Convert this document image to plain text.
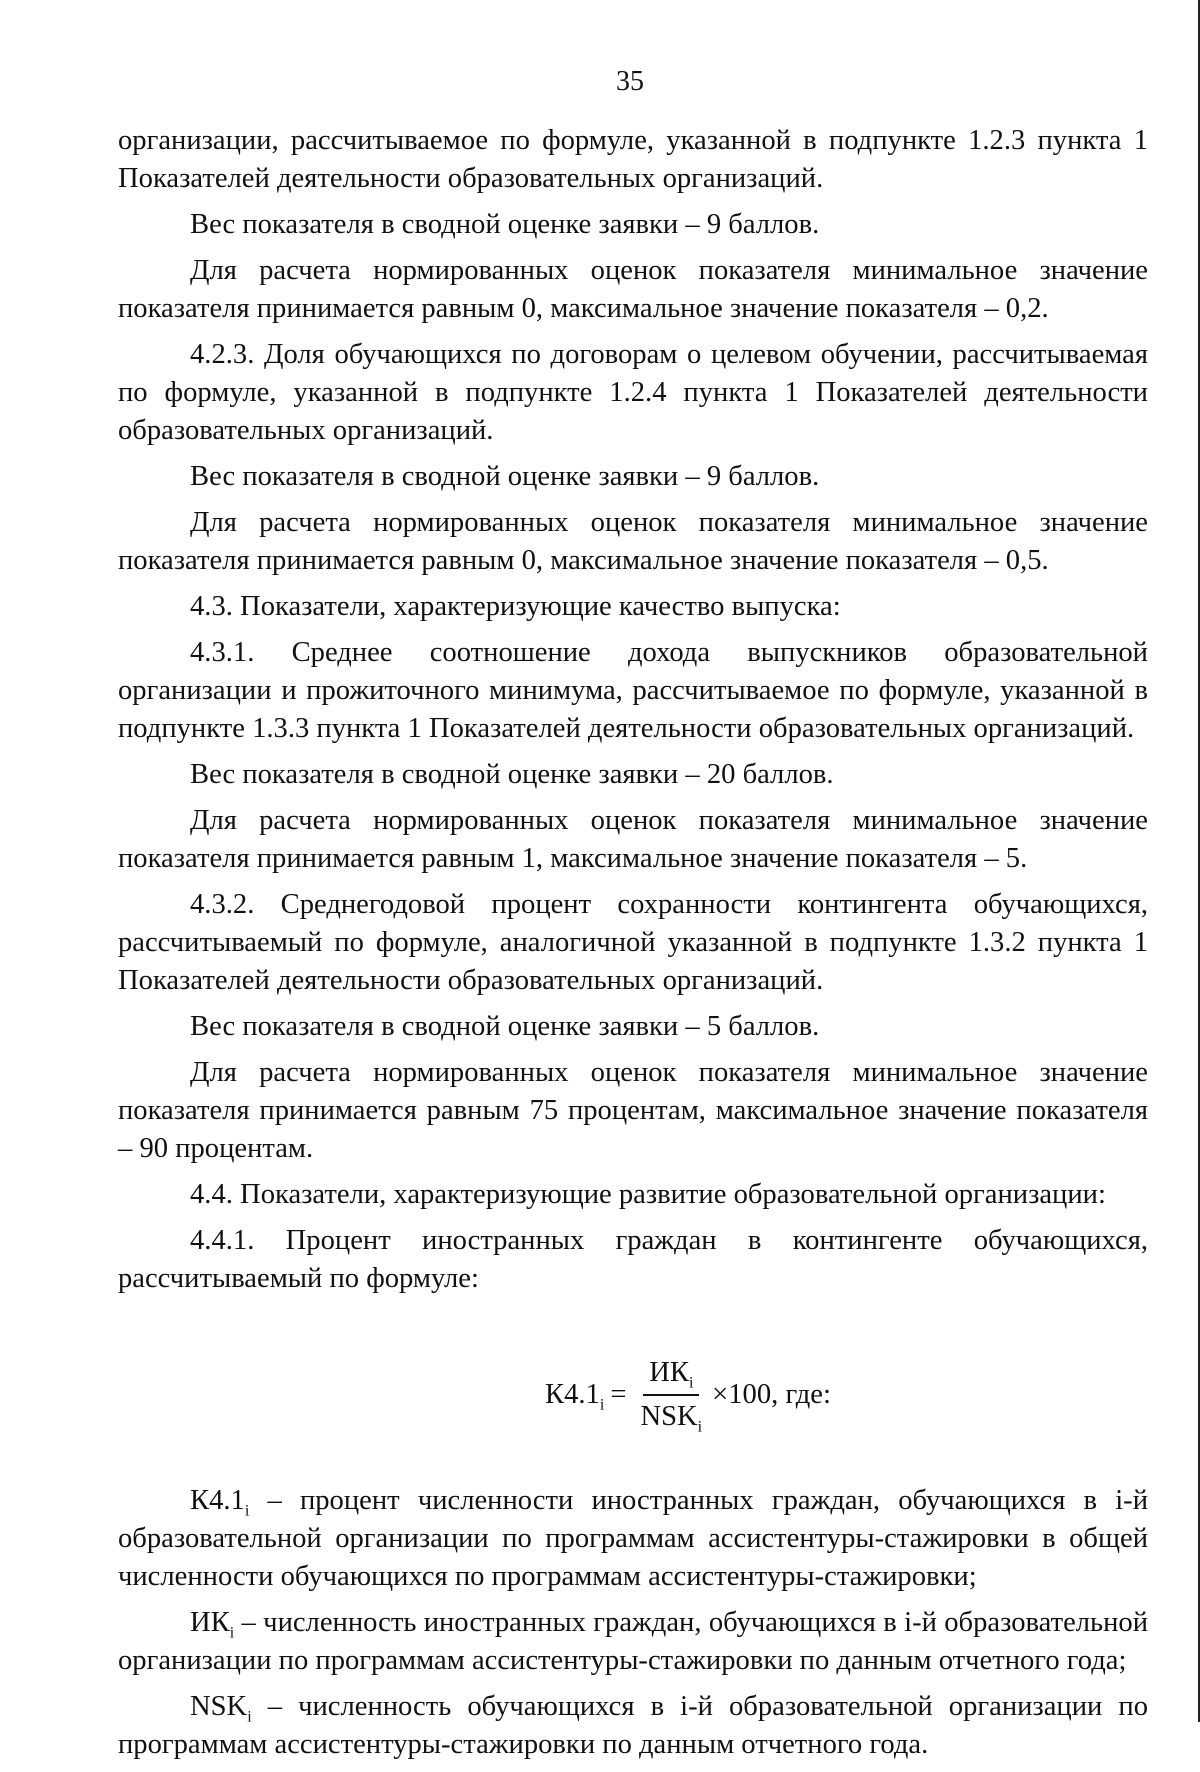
35

организации, рассчитываемое по формуле, указанной в подпункте 1.2.3 пункта 1 Показателей деятельности образовательных организаций.

Вес показателя в сводной оценке заявки – 9 баллов.

Для расчета нормированных оценок показателя минимальное значение показателя принимается равным 0, максимальное значение показателя – 0,2.

4.2.3. Доля обучающихся по договорам о целевом обучении, рассчитываемая по формуле, указанной в подпункте 1.2.4 пункта 1 Показателей деятельности образовательных организаций.

Вес показателя в сводной оценке заявки – 9 баллов.

Для расчета нормированных оценок показателя минимальное значение показателя принимается равным 0, максимальное значение показателя – 0,5.

4.3. Показатели, характеризующие качество выпуска:

4.3.1. Среднее соотношение дохода выпускников образовательной организации и прожиточного минимума, рассчитываемое по формуле, указанной в подпункте 1.3.3 пункта 1 Показателей деятельности образовательных организаций.

Вес показателя в сводной оценке заявки – 20 баллов.

Для расчета нормированных оценок показателя минимальное значение показателя принимается равным 1, максимальное значение показателя – 5.

4.3.2. Среднегодовой процент сохранности контингента обучающихся, рассчитываемый по формуле, аналогичной указанной в подпункте 1.3.2 пункта 1 Показателей деятельности образовательных организаций.

Вес показателя в сводной оценке заявки – 5 баллов.

Для расчета нормированных оценок показателя минимальное значение показателя принимается равным 75 процентам, максимальное значение показателя – 90 процентам.

4.4. Показатели, характеризующие развитие образовательной организации:

4.4.1. Процент иностранных граждан в контингенте обучающихся, рассчитываемый по формуле:

$К4.1_i = \frac{ИК_i}{NSK_i} \times 100$, где:

$К4.1_i$ – процент численности иностранных граждан, обучающихся в i-й образовательной организации по программам ассистентуры-стажировки в общей численности обучающихся по программам ассистентуры-стажировки;

$ИК_i$ – численность иностранных граждан, обучающихся в i-й образовательной организации по программам ассистентуры-стажировки по данным отчетного года;

$NSK_i$ – численность обучающихся в i-й образовательной организации по программам ассистентуры-стажировки по данным отчетного года.
